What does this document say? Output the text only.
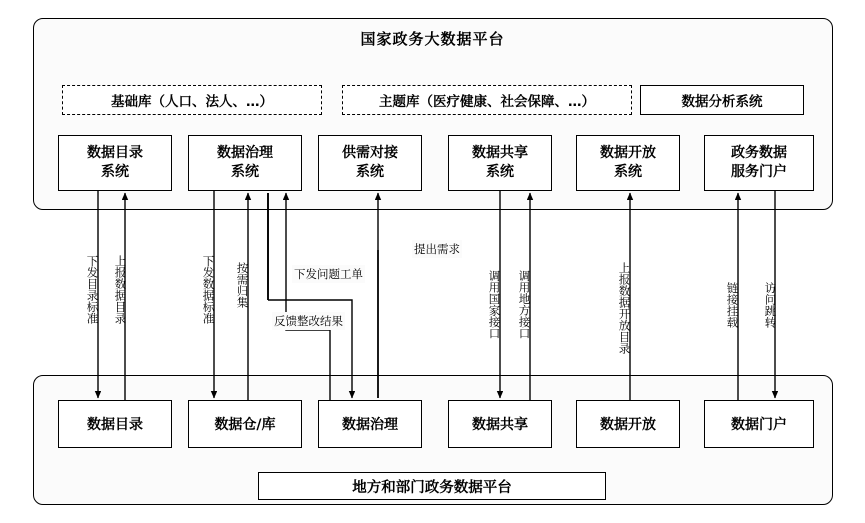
国家政务大数据平台
基础库（人口、法人、…）	主题库（医疗健康、社会保障、…）	数据分析系统
数据目录
系统
数据治理
系统
供需对接
系统
数据共享
系统
数据开放
系统
政务数据
服务门户
数据目录	数据仓/库	数据治理	数据共享	数据开放	数据门户
地方和部门政务数据平台
下发目录标准 上报数据目录	下发数据标准 按需归集	调用国家接口 调用地方接口	上报数据开放目录	链接挂载 访问跳转
下发问题工单
反馈整改结果
提出需求
